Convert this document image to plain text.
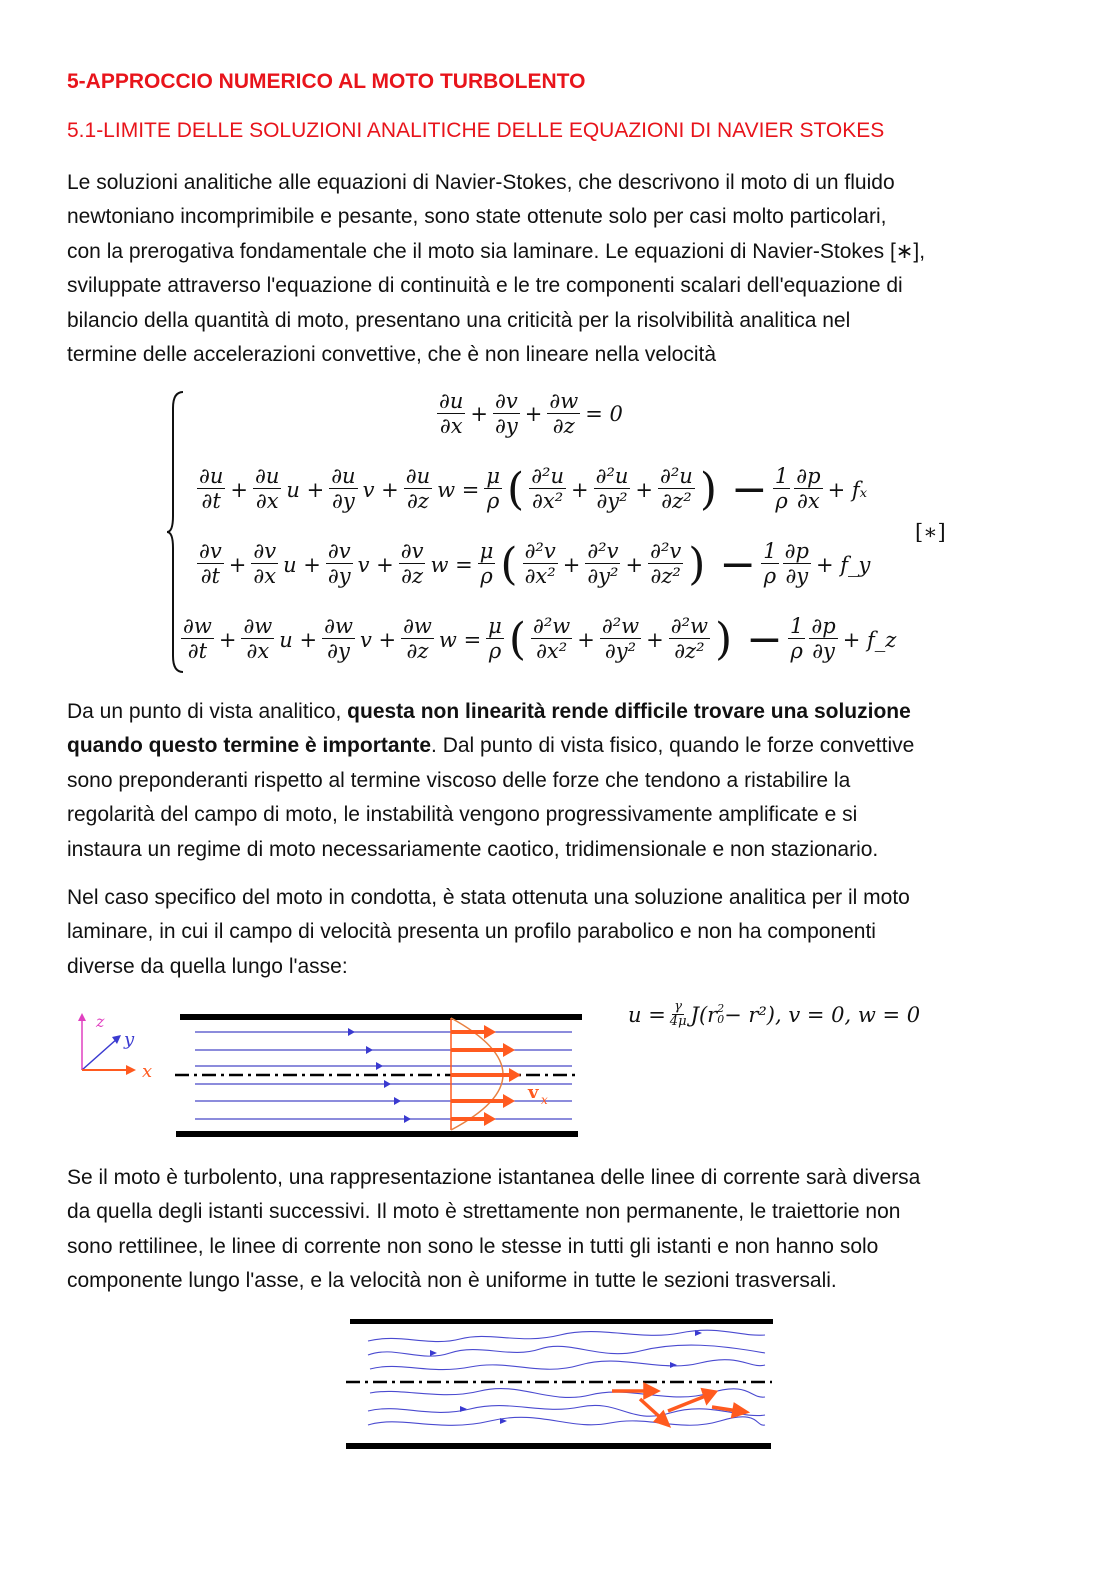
5-APPROCCIO NUMERICO AL MOTO TURBOLENTO
5.1-LIMITE DELLE SOLUZIONI ANALITICHE DELLE EQUAZIONI DI NAVIER STOKES
Le soluzioni analitiche alle equazioni di Navier-Stokes, che descrivono il moto di un fluido
newtoniano incomprimibile e pesante, sono state ottenute solo per casi molto particolari,
con la prerogativa fondamentale che il moto sia laminare. Le equazioni di Navier-Stokes [∗],
sviluppate attraverso l'equazione di continuità e le tre componenti scalari dell'equazione di
bilancio della quantità di moto, presentano una criticità per la risolvibilità analitica nel
termine delle accelerazioni convettive, che è non lineare nella velocità
$\frac{\partial u}{\partial x} + \frac{\partial v}{\partial y} + \frac{\partial w}{\partial z} = 0$
$\frac{\partial u}{\partial t} + \frac{\partial u}{\partial x}$ $u + \frac{\partial u}{\partial y}$ $v + \frac{\partial u}{\partial z}$ $w = \frac{\mu}{\rho}$ ( $\frac{\text{∂²u}}{\text{∂x²}} + \frac{\text{∂²u}}{\text{∂y²}} + \frac{\text{∂²u}}{\text{∂z²}}$ ) − $\frac{1}{\rho} \frac{\partial p}{\partial x} + f_x$
$\frac{\partial v}{\partial t} + \frac{\partial v}{\partial x}$ $u + \frac{\partial v}{\partial y}$ $v + \frac{\partial v}{\partial z}$ $w = \frac{\mu}{\rho}$ ( $\frac{\text{∂²v}}{\text{∂x²}} + \frac{\text{∂²v}}{\text{∂y²}} + \frac{\text{∂²v}}{\text{∂z²}}$ ) − $\frac{1}{\rho} \frac{\partial p}{\partial y}$ + f_y
$\frac{\partial w}{\partial t} + \frac{\partial w}{\partial x}$ $u + \frac{\partial w}{\partial y}$ $v + \frac{\partial w}{\partial z}$ $w = \frac{\mu}{\rho}$ ( $\frac{\text{∂²w}}{\text{∂x²}} + \frac{\text{∂²w}}{\text{∂y²}} + \frac{\text{∂²w}}{\text{∂z²}}$ ) − $\frac{1}{\rho} \frac{\partial p}{\partial y}$ + f_z
[∗]
Da un punto di vista analitico, questa non linearità rende difficile trovare una soluzione
quando questo termine è importante. Dal punto di vista fisico, quando le forze convettive
sono preponderanti rispetto al termine viscoso delle forze che tendono a ristabilire la
regolarità del campo di moto, le instabilità vengono progressivamente amplificate e si
instaura un regime di moto necessariamente caotico, tridimensionale e non stazionario.
Nel caso specifico del moto in condotta, è stata ottenuta una soluzione analitica per il moto
laminare, in cui il campo di velocità presenta un profilo parabolico e non ha componenti
diverse da quella lungo l'asse:
z
y
x
v x
$u = \frac{\gamma}{4\mu} J(r$ 2
0 − r²), v = 0, w = 0
Se il moto è turbolento, una rappresentazione istantanea delle linee di corrente sarà diversa
da quella degli istanti successivi. Il moto è strettamente non permanente, le traiettorie non
sono rettilinee, le linee di corrente non sono le stesse in tutti gli istanti e non hanno solo
componente lungo l'asse, e la velocità non è uniforme in tutte le sezioni trasversali.
